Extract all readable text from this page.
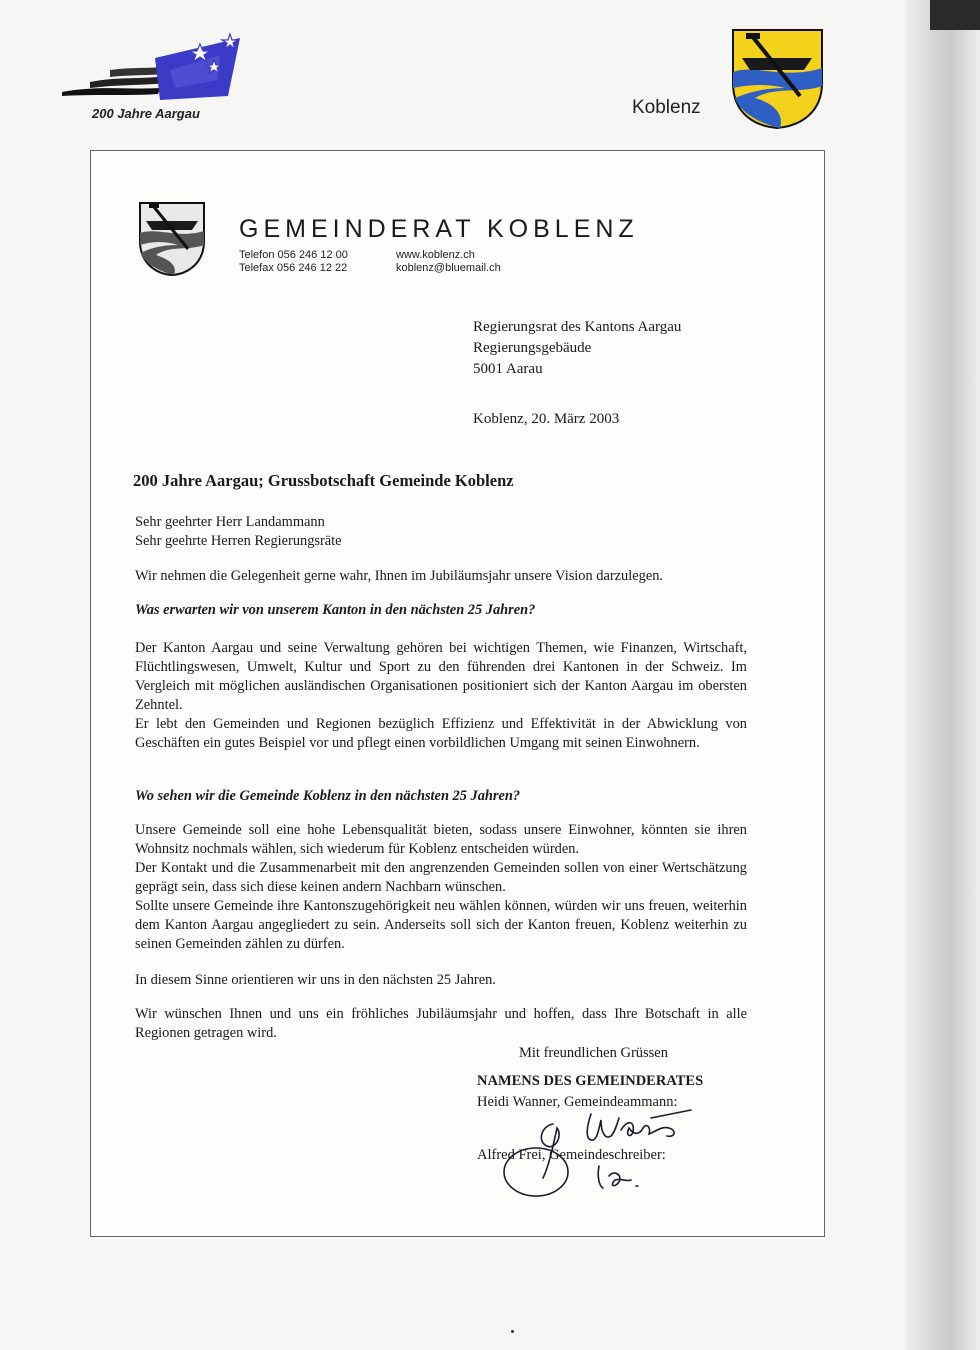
200 Jahre Aargau	Koblenz
GEMEINDERAT KOBLENZ
Telefon 056 246 12 00
Telefax 056 246 12 22
www.koblenz.ch
koblenz@bluemail.ch
Regierungsrat des Kantons Aargau
Regierungsgebäude
5001 Aarau
Koblenz, 20. März 2003
200 Jahre Aargau; Grussbotschaft Gemeinde Koblenz

Sehr geehrter Herr Landammann

Sehr geehrte Herren Regierungsräte

Wir nehmen die Gelegenheit gerne wahr, Ihnen im Jubiläumsjahr unsere Vision darzulegen.

Was erwarten wir von unserem Kanton in den nächsten 25 Jahren?

Der Kanton Aargau und seine Verwaltung gehören bei wichtigen Themen, wie Finanzen, Wirtschaft, Flüchtlingswesen, Umwelt, Kultur und Sport zu den führenden drei Kantonen in der Schweiz. Im Vergleich mit möglichen ausländischen Organisationen positioniert sich der Kanton Aargau im obersten Zehntel.

Er lebt den Gemeinden und Regionen bezüglich Effizienz und Effektivität in der Abwicklung von Geschäften ein gutes Beispiel vor und pflegt einen vorbildlichen Umgang mit seinen Einwohnern.

Wo sehen wir die Gemeinde Koblenz in den nächsten 25 Jahren?

Unsere Gemeinde soll eine hohe Lebensqualität bieten, sodass unsere Einwohner, könnten sie ihren Wohnsitz nochmals wählen, sich wiederum für Koblenz entscheiden würden.

Der Kontakt und die Zusammenarbeit mit den angrenzenden Gemeinden sollen von einer Wertschätzung geprägt sein, dass sich diese keinen andern Nachbarn wünschen.

Sollte unsere Gemeinde ihre Kantonszugehörigkeit neu wählen können, würden wir uns freuen, weiterhin dem Kanton Aargau angegliedert zu sein. Anderseits soll sich der Kanton freuen, Koblenz weiterhin zu seinen Gemeinden zählen zu dürfen.

In diesem Sinne orientieren wir uns in den nächsten 25 Jahren.

Wir wünschen Ihnen und uns ein fröhliches Jubiläumsjahr und hoffen, dass Ihre Botschaft in alle Regionen getragen wird.

Mit freundlichen Grüssen
NAMENS DES GEMEINDERATES
Heidi Wanner, Gemeindeammann:
Alfred Frei, Gemeindeschreiber:
